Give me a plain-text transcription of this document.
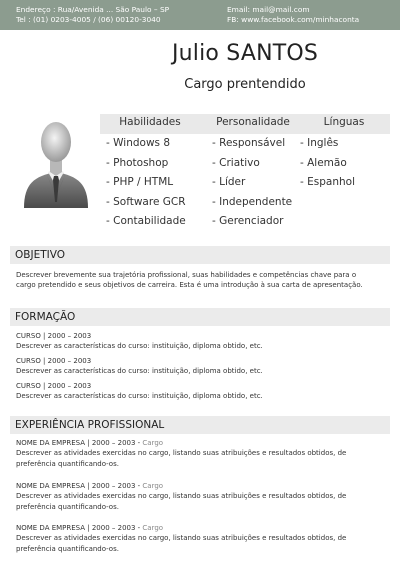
Endereço : Rua/Avenida ... São Paulo – SP
Tel : (01) 0203-4005 / (06) 00120-3040
Email: mail@mail.com
FB: www.facebook.com/minhaconta
Julio SANTOS
Cargo prentendido
Habilidades
- Windows 8
- Photoshop
- PHP / HTML
- Software GCR
- Contabilidade
Personalidade
- Responsável
- Criativo
- Líder
- Independente
- Gerenciador
Línguas
- Inglês
- Alemão
- Espanhol
OBJETIVO
Descrever brevemente sua trajetória profissional, suas habilidades e competências chave para o cargo pretendido e seus objetivos de carreira. Esta é uma introdução à sua carta de apresentação.
FORMAÇÃO
CURSO | 2000 – 2003
Descrever as características do curso: instituição, diploma obtido, etc.
CURSO | 2000 – 2003
Descrever as características do curso: instituição, diploma obtido, etc.
CURSO | 2000 – 2003
Descrever as características do curso: instituição, diploma obtido, etc.
EXPERIÊNCIA PROFISSIONAL
NOME DA EMPRESA | 2000 – 2003 - Cargo
Descrever as atividades exercidas no cargo, listando suas atribuições e resultados obtidos, de preferência quantificando-os.
NOME DA EMPRESA | 2000 – 2003 - Cargo
Descrever as atividades exercidas no cargo, listando suas atribuições e resultados obtidos, de preferência quantificando-os.
NOME DA EMPRESA | 2000 – 2003 - Cargo
Descrever as atividades exercidas no cargo, listando suas atribuições e resultados obtidos, de preferência quantificando-os.
